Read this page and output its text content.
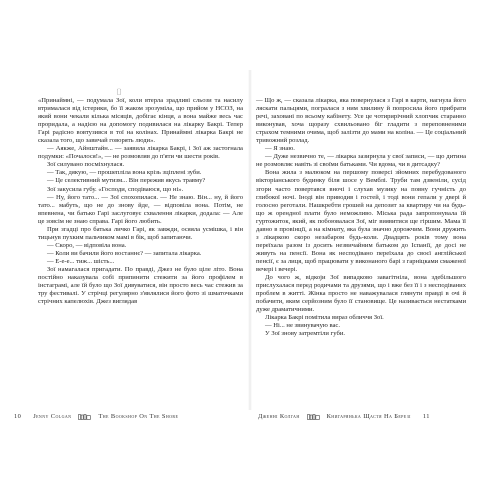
〔〕

«Принаймні, — подумала Зої, коли втерла зрадливі сльози та насилу втрималася від істерики, бо її жаком зрозуміла, що прийом у НСОЗ, на який вони чекали кілька місяців, добігає кінця, а вона майже весь час проридала, а надією на допомогу подивилася на лікарку Бакрі. Тепер Гарі радісно вовтузився в тої на колінах. Принаймні лікарка Бакрі не сказала того, що завичай говорять люди».

— Аякже, Айнштайн... — заявила лікарка Бакрі, і Зої аж застогнала подумки: «Почалося!», — не розмовляв до п'яти чи шести років.

Зої силувано посміхнулася.

— Так, дякую, — прошепліла вона крізь зціплені зуби.

— Це селективний мутизм... Він пережив якусь травму?

Зої закусила губу. «Господи, сподіваюся, що ні».

— Ну, його тато... — Зої спохопилася. — Не знаю. Він... ну, й його тато... мабуть, що не до знову йде, — відповіла вона. Потім, не впевнена, чи батько Гарі заслуговує схвалення лікарки, додала: — Але це зовсім не знаю справа. Гарі його любить.

При згадці про батька личко Гарі, як завжди, осяяла усмішка, і він тицьнув пухким пальчиком мамі в бік, щоб запитаючи.

— Скоро, — відповіла вона.

— Коли ви бачили його востаннє? — запитала лікарка.

— Е-е-е... тиж... шість...

Зої намагалася пригадати. По правді, Джез не було ціле літо. Вона постійно наказувала собі припинити стежити за його профілем в інстаграмі, але їй було що Зої дивуватися, він просто весь час стежив за тру фестивалі. У стрічці регулярно з'являлися його фото зі шматочками стрічних капелюхів. Джез виглядав

— Що ж, — сказала лікарка, яка повернулася з Гарі в карти, нагнула його ляскати пальцями, погралася з ним хвилину й попросила його прибрати речі, заховані по всьому кабінету. Усе це чотирирічний хлопчик старанно виконував, хоча щоразу схвильовано біг гладити з переповненими страхом темними очима, щоб залізти до мами на коліна. — Це соціальний тривожний розлад.

— Я знаю.

— Дуже незвично те, — лікарка зазирнула у свої записи, — що дитина не розмовляє навіть зі своїми батьками. Чи вдома, чи в дитсадку?

Вона жила з малюком на першому поверсі зйомних перебудованого вікторіанського будинку біля шосе у Вемблі. Труби там дзвеніли, сусід згори часто повертався вночі і слухав музику на повну гучність до глибокої ночі. Іноді він приводив і гостей, і тоді вони гепали у двері й голосно реготали. Нашкребти грошей на депозит за квартиру чи на будь-що ж орендної плати було неможливо. Міська рада запропонувала їй гуртожиток, який, як побоювалася Зої, міг виявитися ще гіршим. Мама її давно в провінції, а на кімнату, яка була значно дорожчим. Вони дружить з лікаркою скоро незабаром будь-коли. Двадцять років тому вона переїхала разом із досить незвичайним батьком до Іспанії, де досі не живуть на пенсії. Вона як несподівано переїхала до своєї англійської пенсії, є за лиця, щоб працювати у виконаного барі з гарніцками смаженої вечері і вечері.

До чого ж, відкоји Зої випадково завагітніла, вона здебільшого прислухалася перед родичами та друзями, що і вже без її і з несподіваних проблем в житті. Жінка просто не наважувалася глянути правді в очі й побачити, яким серйозним було її становище. Це називається нестатками дуже драматичними.

Лікарка Бакрі помітила вираз обличчя Зої.

— Ні... не звинувачую вас.

У Зої знову затремтіли губи.

10 Jenny Colgan	The Bookshop On The Shore	Дженні Колган	Книгарянька Щастя На Березі 11
